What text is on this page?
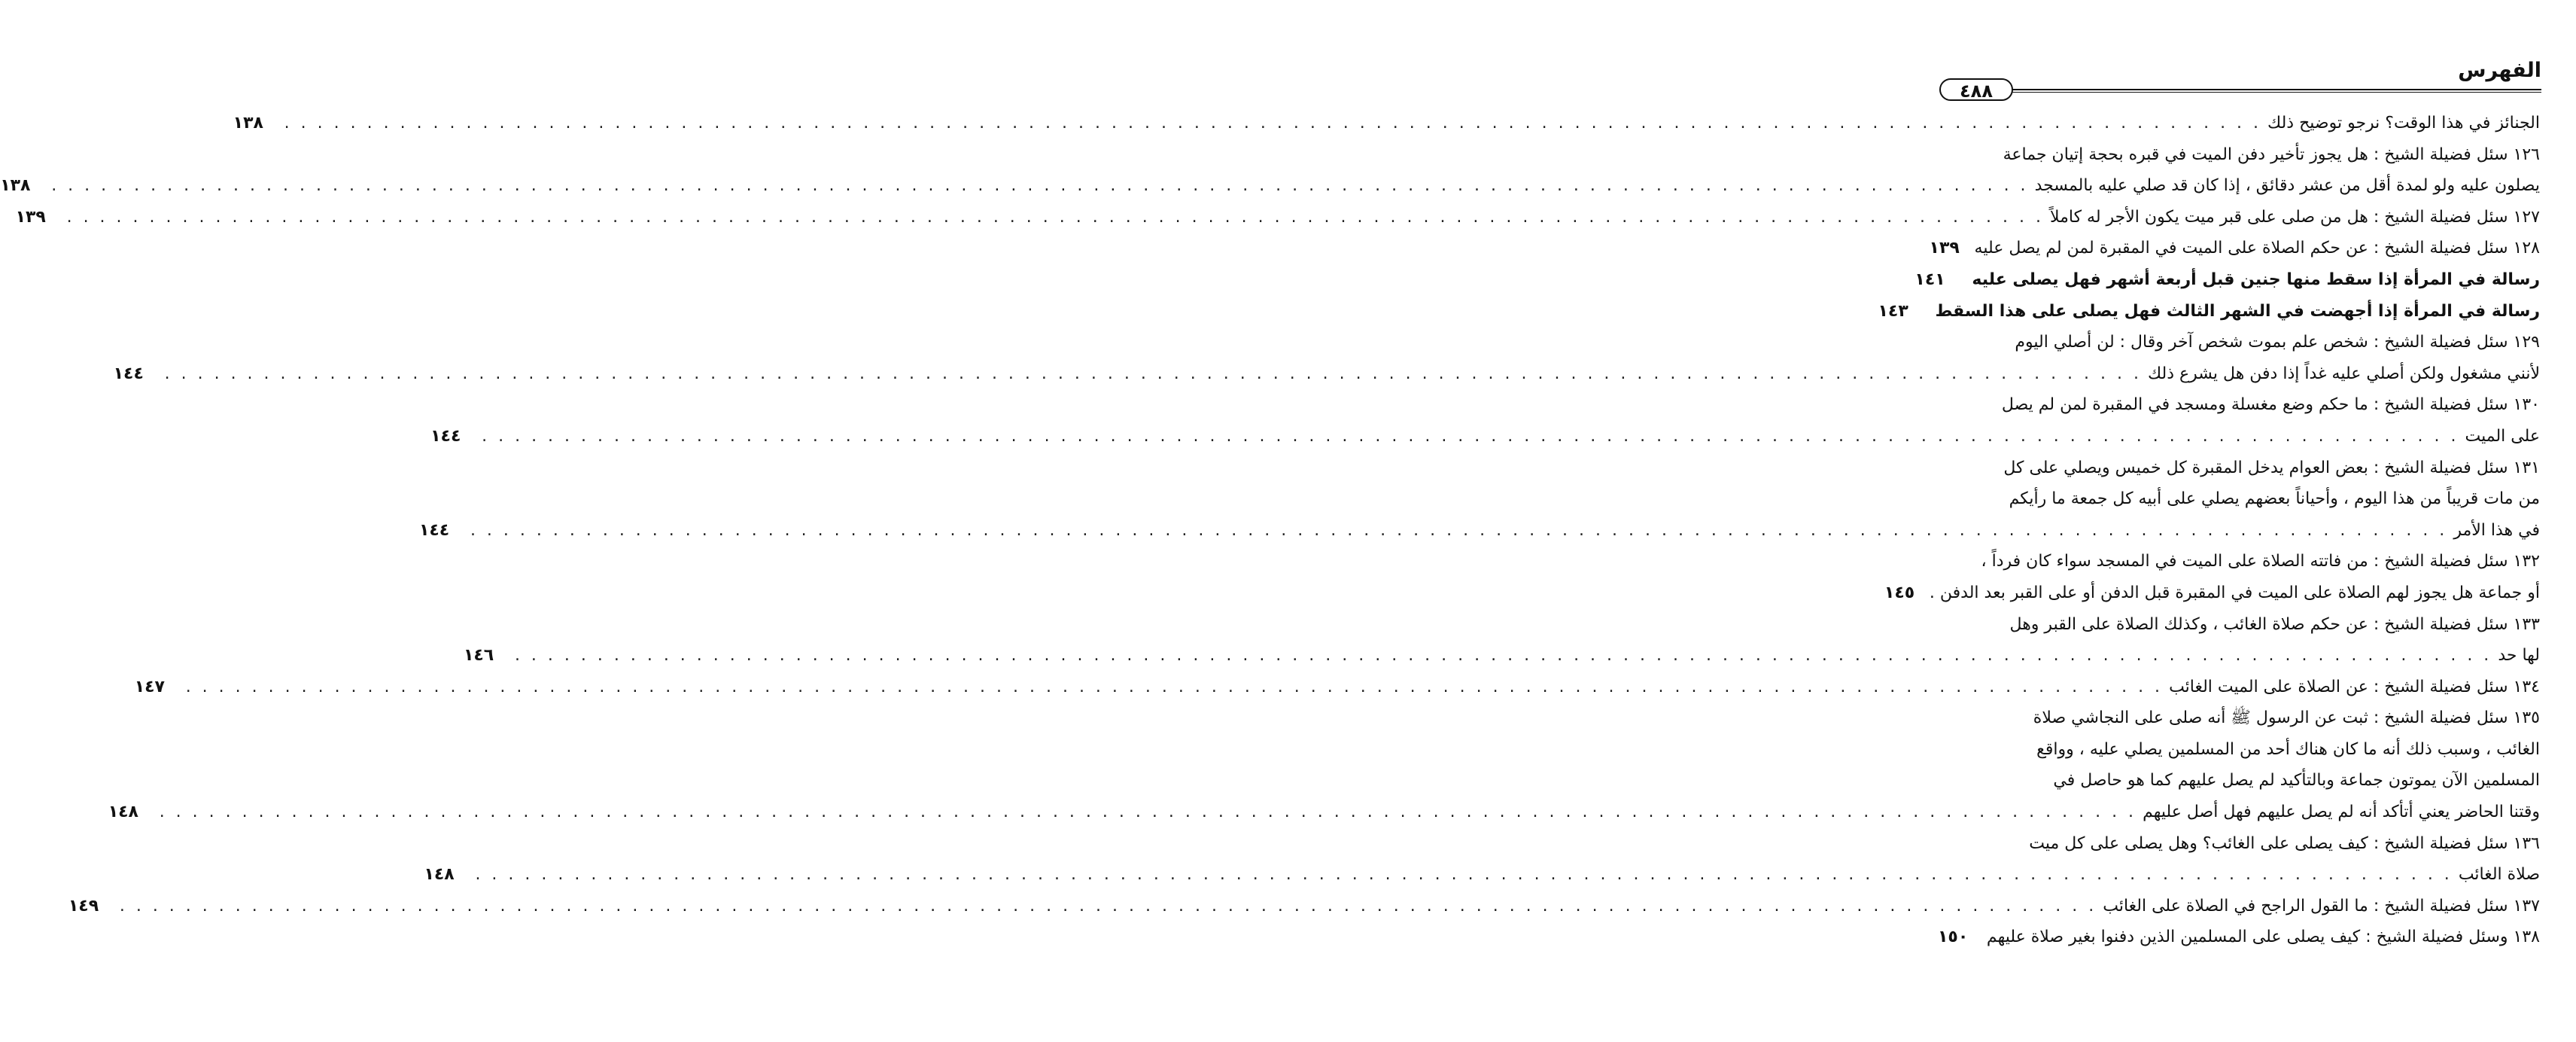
الفهرس
٤٨٨
الجنائز في هذا الوقت؟ نرجو توضيح ذلك
. . . . . . . . . . . . . . . . . . . . . . . . . . . . . . . . . . . . . . . . . . . . . . . . . . . . . . . . . . . . . . . . . . . . . . . . . . . . . . . . . . . . . . . . . . . . . . . . . . . . . . . . . . . . . . . . . . . . . . . .
١٣٨
١٢٦ سئل فضيلة الشيخ : هل يجوز تأخير دفن الميت في قبره بحجة إتيان جماعة
يصلون عليه ولو لمدة أقل من عشر دقائق ، إذا كان قد صلي عليه بالمسجد
. . . . . . . . . . . . . . . . . . . . . . . . . . . . . . . . . . . . . . . . . . . . . . . . . . . . . . . . . . . . . . . . . . . . . . . . . . . . . . . . . . . . . . . . . . . . . . . . . . . . . . . . . . . . . . . . . . . . . . . .
١٣٨
١٢٧ سئل فضيلة الشيخ : هل من صلى على قبر ميت يكون الأجر له كاملاً
. . . . . . . . . . . . . . . . . . . . . . . . . . . . . . . . . . . . . . . . . . . . . . . . . . . . . . . . . . . . . . . . . . . . . . . . . . . . . . . . . . . . . . . . . . . . . . . . . . . . . . . . . . . . . . . . . . . . . . . .
١٣٩
١٢٨ سئل فضيلة الشيخ : عن حكم الصلاة على الميت في المقبرة لمن لم يصل عليه
١٣٩
رسالة في المرأة إذا سقط منها جنين قبل أربعة أشهر فهل يصلى عليه
١٤١
رسالة في المرأة إذا أجهضت في الشهر الثالث فهل يصلى على هذا السقط
١٤٣
١٢٩ سئل فضيلة الشيخ : شخص علم بموت شخص آخر وقال : لن أصلي اليوم
لأنني مشغول ولكن أصلي عليه غداً إذا دفن هل يشرع ذلك
. . . . . . . . . . . . . . . . . . . . . . . . . . . . . . . . . . . . . . . . . . . . . . . . . . . . . . . . . . . . . . . . . . . . . . . . . . . . . . . . . . . . . . . . . . . . . . . . . . . . . . . . . . . . . . . . . . . . . . . .
١٤٤
١٣٠ سئل فضيلة الشيخ : ما حكم وضع مغسلة ومسجد في المقبرة لمن لم يصل
على الميت
. . . . . . . . . . . . . . . . . . . . . . . . . . . . . . . . . . . . . . . . . . . . . . . . . . . . . . . . . . . . . . . . . . . . . . . . . . . . . . . . . . . . . . . . . . . . . . . . . . . . . . . . . . . . . . . . . . . . . . . .
١٤٤
١٣١ سئل فضيلة الشيخ : بعض العوام يدخل المقبرة كل خميس ويصلي على كل
من مات قريباً من هذا اليوم ، وأحياناً بعضهم يصلي على أبيه كل جمعة ما رأيكم
في هذا الأمر
. . . . . . . . . . . . . . . . . . . . . . . . . . . . . . . . . . . . . . . . . . . . . . . . . . . . . . . . . . . . . . . . . . . . . . . . . . . . . . . . . . . . . . . . . . . . . . . . . . . . . . . . . . . . . . . . . . . . . . . .
١٤٤
١٣٢ سئل فضيلة الشيخ : من فاتته الصلاة على الميت في المسجد سواء كان فرداً ،
أو جماعة هل يجوز لهم الصلاة على الميت في المقبرة قبل الدفن أو على القبر بعد الدفن .
١٤٥
١٣٣ سئل فضيلة الشيخ : عن حكم صلاة الغائب ، وكذلك الصلاة على القبر وهل
لها حد
. . . . . . . . . . . . . . . . . . . . . . . . . . . . . . . . . . . . . . . . . . . . . . . . . . . . . . . . . . . . . . . . . . . . . . . . . . . . . . . . . . . . . . . . . . . . . . . . . . . . . . . . . . . . . . . . . . . . . . . .
١٤٦
١٣٤ سئل فضيلة الشيخ : عن الصلاة على الميت الغائب
. . . . . . . . . . . . . . . . . . . . . . . . . . . . . . . . . . . . . . . . . . . . . . . . . . . . . . . . . . . . . . . . . . . . . . . . . . . . . . . . . . . . . . . . . . . . . . . . . . . . . . . . . . . . . . . . . . . . . . . .
١٤٧
١٣٥ سئل فضيلة الشيخ : ثبت عن الرسول ﷺ أنه صلى على النجاشي صلاة
الغائب ، وسبب ذلك أنه ما كان هناك أحد من المسلمين يصلي عليه ، وواقع
المسلمين الآن يموتون جماعة وبالتأكيد لم يصل عليهم كما هو حاصل في
وقتنا الحاضر يعني أتأكد أنه لم يصل عليهم فهل أصل عليهم
. . . . . . . . . . . . . . . . . . . . . . . . . . . . . . . . . . . . . . . . . . . . . . . . . . . . . . . . . . . . . . . . . . . . . . . . . . . . . . . . . . . . . . . . . . . . . . . . . . . . . . . . . . . . . . . . . . . . . . . .
١٤٨
١٣٦ سئل فضيلة الشيخ : كيف يصلى على الغائب؟ وهل يصلى على كل ميت
صلاة الغائب
. . . . . . . . . . . . . . . . . . . . . . . . . . . . . . . . . . . . . . . . . . . . . . . . . . . . . . . . . . . . . . . . . . . . . . . . . . . . . . . . . . . . . . . . . . . . . . . . . . . . . . . . . . . . . . . . . . . . . . . .
١٤٨
١٣٧ سئل فضيلة الشيخ : ما القول الراجح في الصلاة على الغائب
. . . . . . . . . . . . . . . . . . . . . . . . . . . . . . . . . . . . . . . . . . . . . . . . . . . . . . . . . . . . . . . . . . . . . . . . . . . . . . . . . . . . . . . . . . . . . . . . . . . . . . . . . . . . . . . . . . . . . . . .
١٤٩
١٣٨ وسئل فضيلة الشيخ : كيف يصلى على المسلمين الذين دفنوا بغير صلاة عليهم
١٥٠
